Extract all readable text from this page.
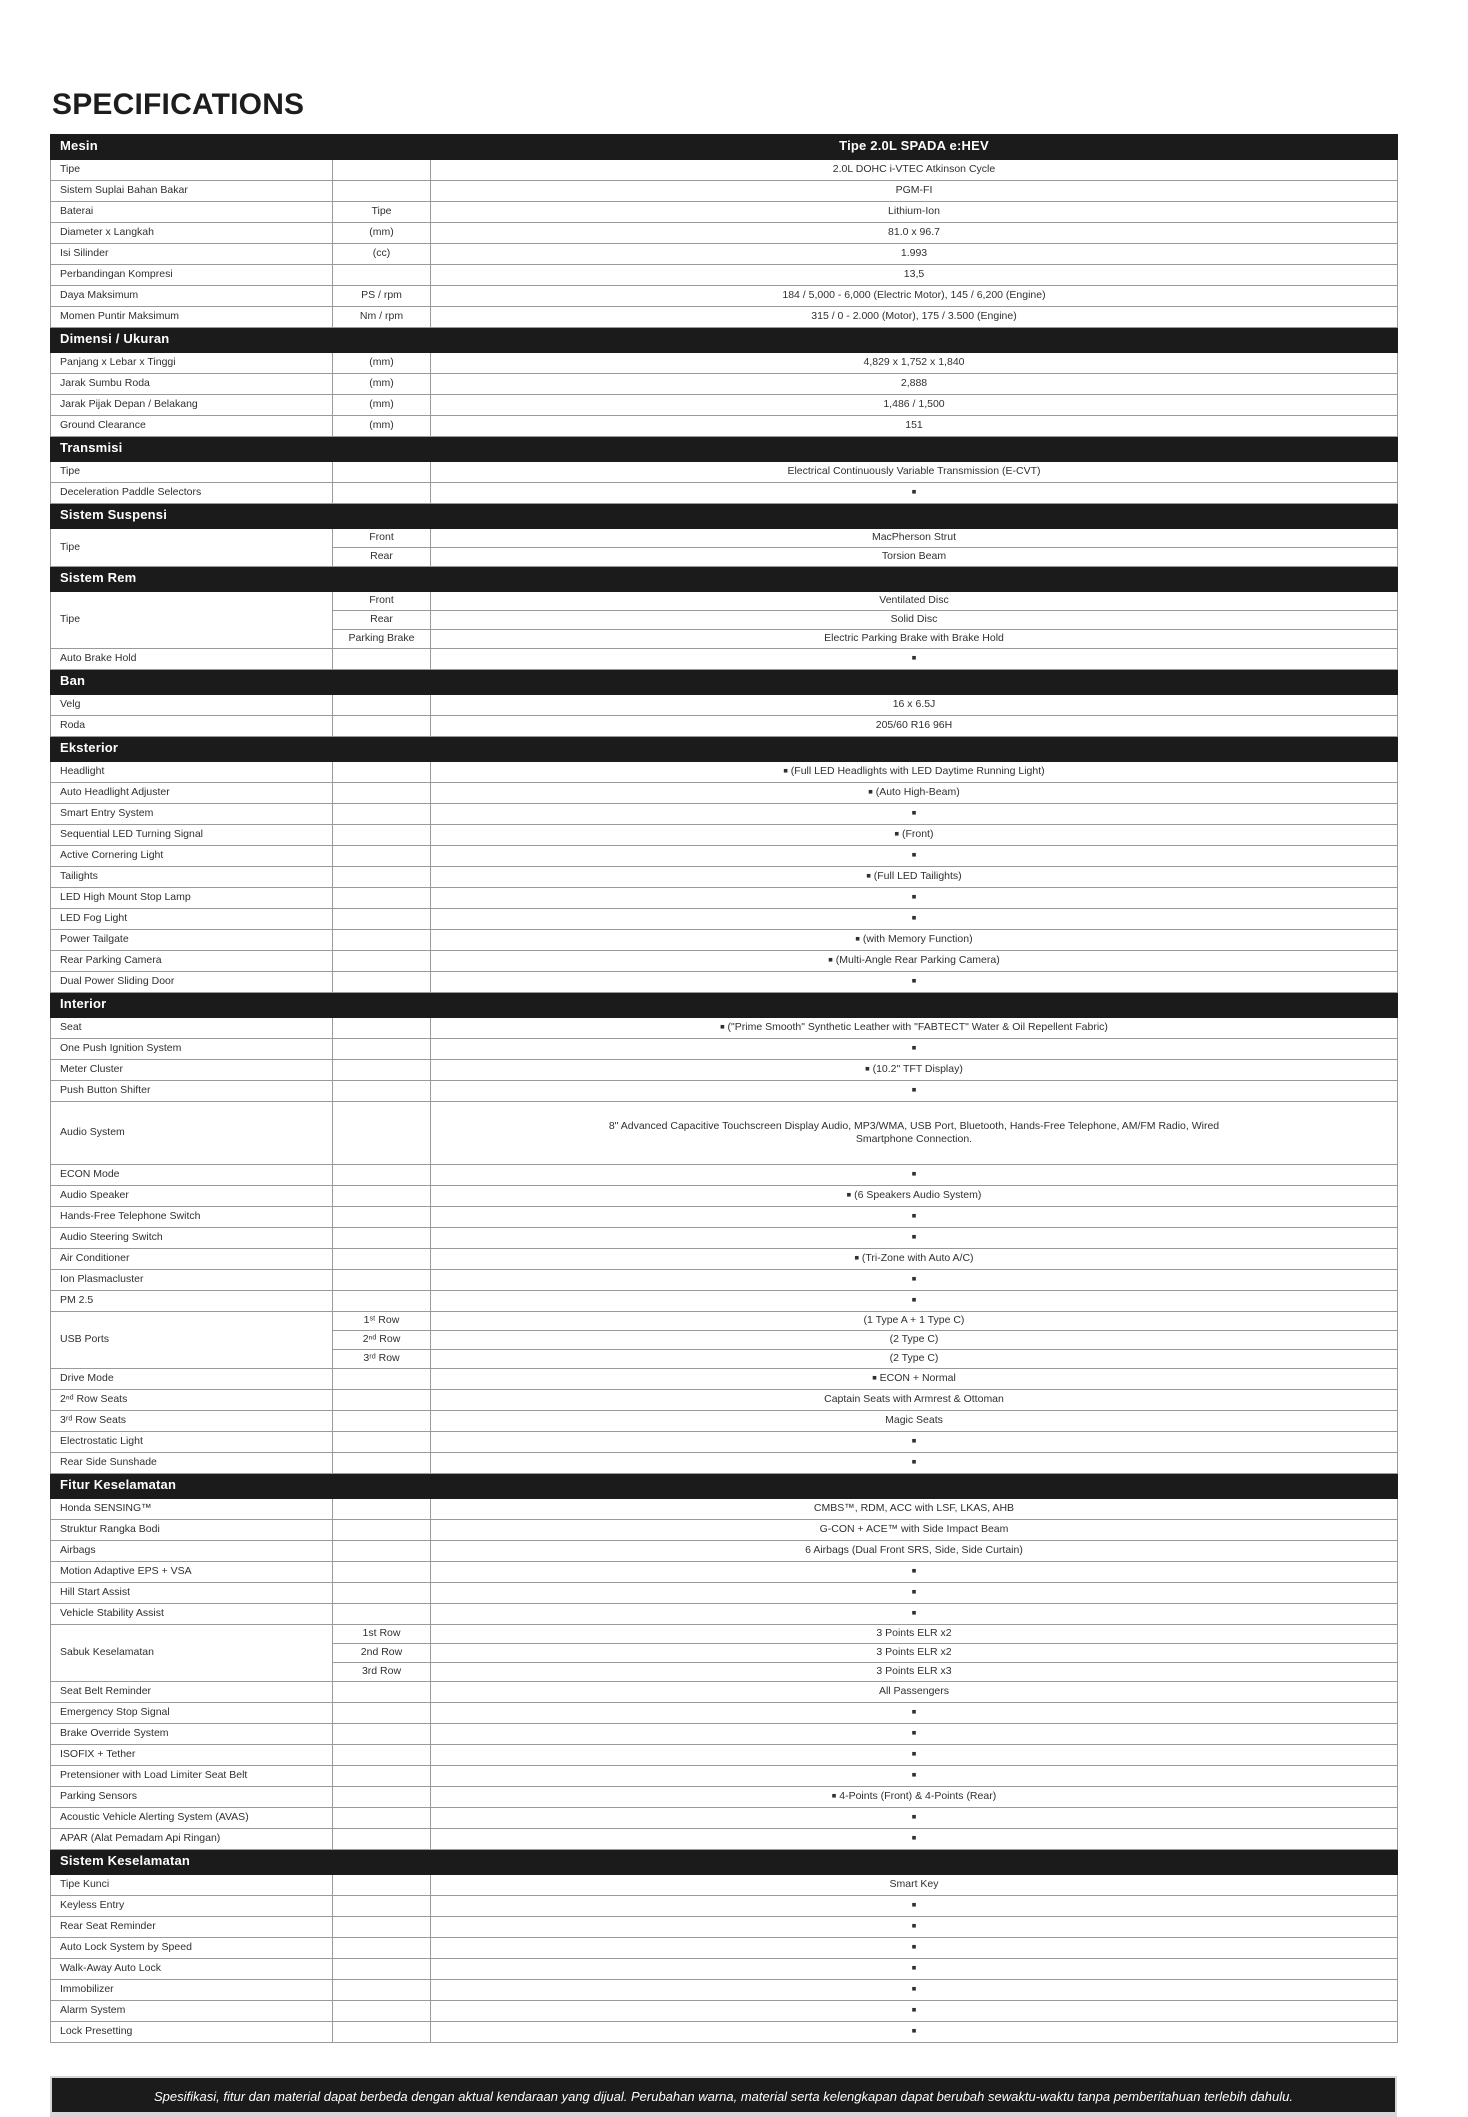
SPECIFICATIONS
Mesin		Tipe 2.0L SPADA e:HEV
Tipe		2.0L DOHC i-VTEC Atkinson Cycle
Sistem Suplai Bahan Bakar		PGM-FI
Baterai	Tipe	Lithium-Ion
Diameter x Langkah	(mm)	81.0 x 96.7
Isi Silinder	(cc)	1.993
Perbandingan Kompresi		13,5
Daya Maksimum	PS / rpm	184 / 5,000 - 6,000 (Electric Motor), 145 / 6,200 (Engine)
Momen Puntir Maksimum	Nm / rpm	315 / 0 - 2.000 (Motor), 175 / 3.500 (Engine)
Dimensi / Ukuran		
Panjang x Lebar x Tinggi	(mm)	4,829 x 1,752 x 1,840
Jarak Sumbu Roda	(mm)	2,888
Jarak Pijak Depan / Belakang	(mm)	1,486 / 1,500
Ground Clearance	(mm)	151
Transmisi		
Tipe		Electrical Continuously Variable Transmission (E-CVT)
Deceleration Paddle Selectors		■
Sistem Suspensi		
Tipe	Front	MacPherson Strut
	Rear	Torsion Beam
Sistem Rem		
Tipe	Front	Ventilated Disc
	Rear	Solid Disc
	Parking Brake	Electric Parking Brake with Brake Hold
Auto Brake Hold		■
Ban		
Velg		16 x 6.5J
Roda		205/60 R16 96H
Eksterior		
Headlight		■ (Full LED Headlights with LED Daytime Running Light)
Auto Headlight Adjuster		■ (Auto High-Beam)
Smart Entry System		■
Sequential LED Turning Signal		■ (Front)
Active Cornering Light		■
Tailights		■ (Full LED Tailights)
LED High Mount Stop Lamp		■
LED Fog Light		■
Power Tailgate		■ (with Memory Function)
Rear Parking Camera		■ (Multi-Angle Rear Parking Camera)
Dual Power Sliding Door		■
Interior		
Seat		■ ("Prime Smooth" Synthetic Leather with "FABTECT" Water & Oil Repellent Fabric)
One Push Ignition System		■
Meter Cluster		■ (10.2" TFT Display)
Push Button Shifter		■
Audio System		8" Advanced Capacitive Touchscreen Display Audio, MP3/WMA, USB Port, Bluetooth, Hands-Free Telephone, AM/FM Radio, Wired Smartphone Connection.
ECON Mode		■
Audio Speaker		■ (6 Speakers Audio System)
Hands-Free Telephone Switch		■
Audio Steering Switch		■
Air Conditioner		■ (Tri-Zone with Auto A/C)
Ion Plasmacluster		■
PM 2.5		■
USB Ports	1ˢᵗ Row	(1 Type A + 1 Type C)
	2ⁿᵈ Row	(2 Type C)
	3ʳᵈ Row	(2 Type C)
Drive Mode		■ ECON + Normal
2ⁿᵈ Row Seats		Captain Seats with Armrest & Ottoman
3ʳᵈ Row Seats		Magic Seats
Electrostatic Light		■
Rear Side Sunshade		■
Fitur Keselamatan		
Honda SENSING™		CMBS™, RDM, ACC with LSF, LKAS, AHB
Struktur Rangka Bodi		G-CON + ACE™ with Side Impact Beam
Airbags		6 Airbags (Dual Front SRS, Side, Side Curtain)
Motion Adaptive EPS + VSA		■
Hill Start Assist		■
Vehicle Stability Assist		■
Sabuk Keselamatan	1st Row	3 Points ELR x2
	2nd Row	3 Points ELR x2
	3rd Row	3 Points ELR x3
Seat Belt Reminder		All Passengers
Emergency Stop Signal		■
Brake Override System		■
ISOFIX + Tether		■
Pretensioner with Load Limiter Seat Belt		■
Parking Sensors		■ 4-Points (Front) & 4-Points (Rear)
Acoustic Vehicle Alerting System (AVAS)		■
APAR (Alat Pemadam Api Ringan)		■
Sistem Keselamatan		
Tipe Kunci		Smart Key
Keyless Entry		■
Rear Seat Reminder		■
Auto Lock System by Speed		■
Walk-Away Auto Lock		■
Immobilizer		■
Alarm System		■
Lock Presetting		■
Spesifikasi, fitur dan material dapat berbeda dengan aktual kendaraan yang dijual. Perubahan warna, material serta kelengkapan dapat berubah sewaktu-waktu tanpa pemberitahuan terlebih dahulu.
